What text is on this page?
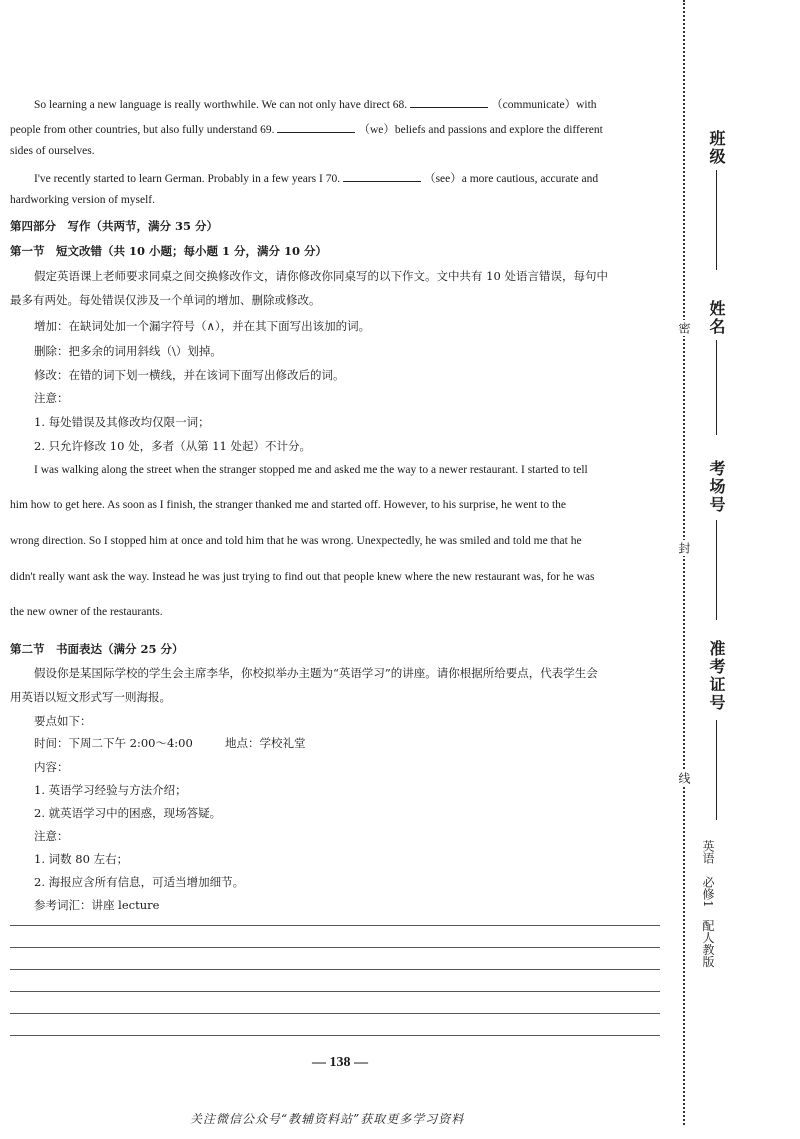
So learning a new language is really worthwhile. We can not only have direct 68.	（communicate）with
people from other countries, but also fully understand 69.	（we）beliefs and passions and explore the different
sides of ourselves.
I've recently started to learn German. Probably in a few years I 70.	（see）a more cautious, accurate and
hardworking version of myself.
第四部分　写作（共两节，满分 35 分）
第一节　短文改错（共 10 小题；每小题 1 分，满分 10 分）
假定英语课上老师要求同桌之间交换修改作文，请你修改你同桌写的以下作文。文中共有 10 处语言错误，每句中
最多有两处。每处错误仅涉及一个单词的增加、删除或修改。
增加：在缺词处加一个漏字符号（∧），并在其下面写出该加的词。
删除：把多余的词用斜线（\）划掉。
修改：在错的词下划一横线，并在该词下面写出修改后的词。
注意：
1. 每处错误及其修改均仅限一词；
2. 只允许修改 10 处，多者（从第 11 处起）不计分。
I was walking along the street when the stranger stopped me and asked me the way to a newer restaurant. I started to tell
him how to get here. As soon as I finish, the stranger thanked me and started off. However, to his surprise, he went to the
wrong direction. So I stopped him at once and told him that he was wrong. Unexpectedly, he was smiled and told me that he
didn't really want ask the way. Instead he was just trying to find out that people knew where the new restaurant was, for he was
the new owner of the restaurants.
第二节　书面表达（满分 25 分）
假设你是某国际学校的学生会主席李华，你校拟举办主题为“英语学习”的讲座。请你根据所给要点，代表学生会
用英语以短文形式写一则海报。
要点如下：
时间：下周二下午 2:00～4:00	地点：学校礼堂
内容：
1. 英语学习经验与方法介绍；
2. 就英语学习中的困惑，现场答疑。
注意：
1. 词数 80 左右；
2. 海报应含所有信息，可适当增加细节。
参考词汇：讲座 lecture
— 138 —
关注微信公众号“教辅资料站”获取更多学习资料
密
封
线
班级
姓名
考场号
准考证号
英语　必修1　配人教版
